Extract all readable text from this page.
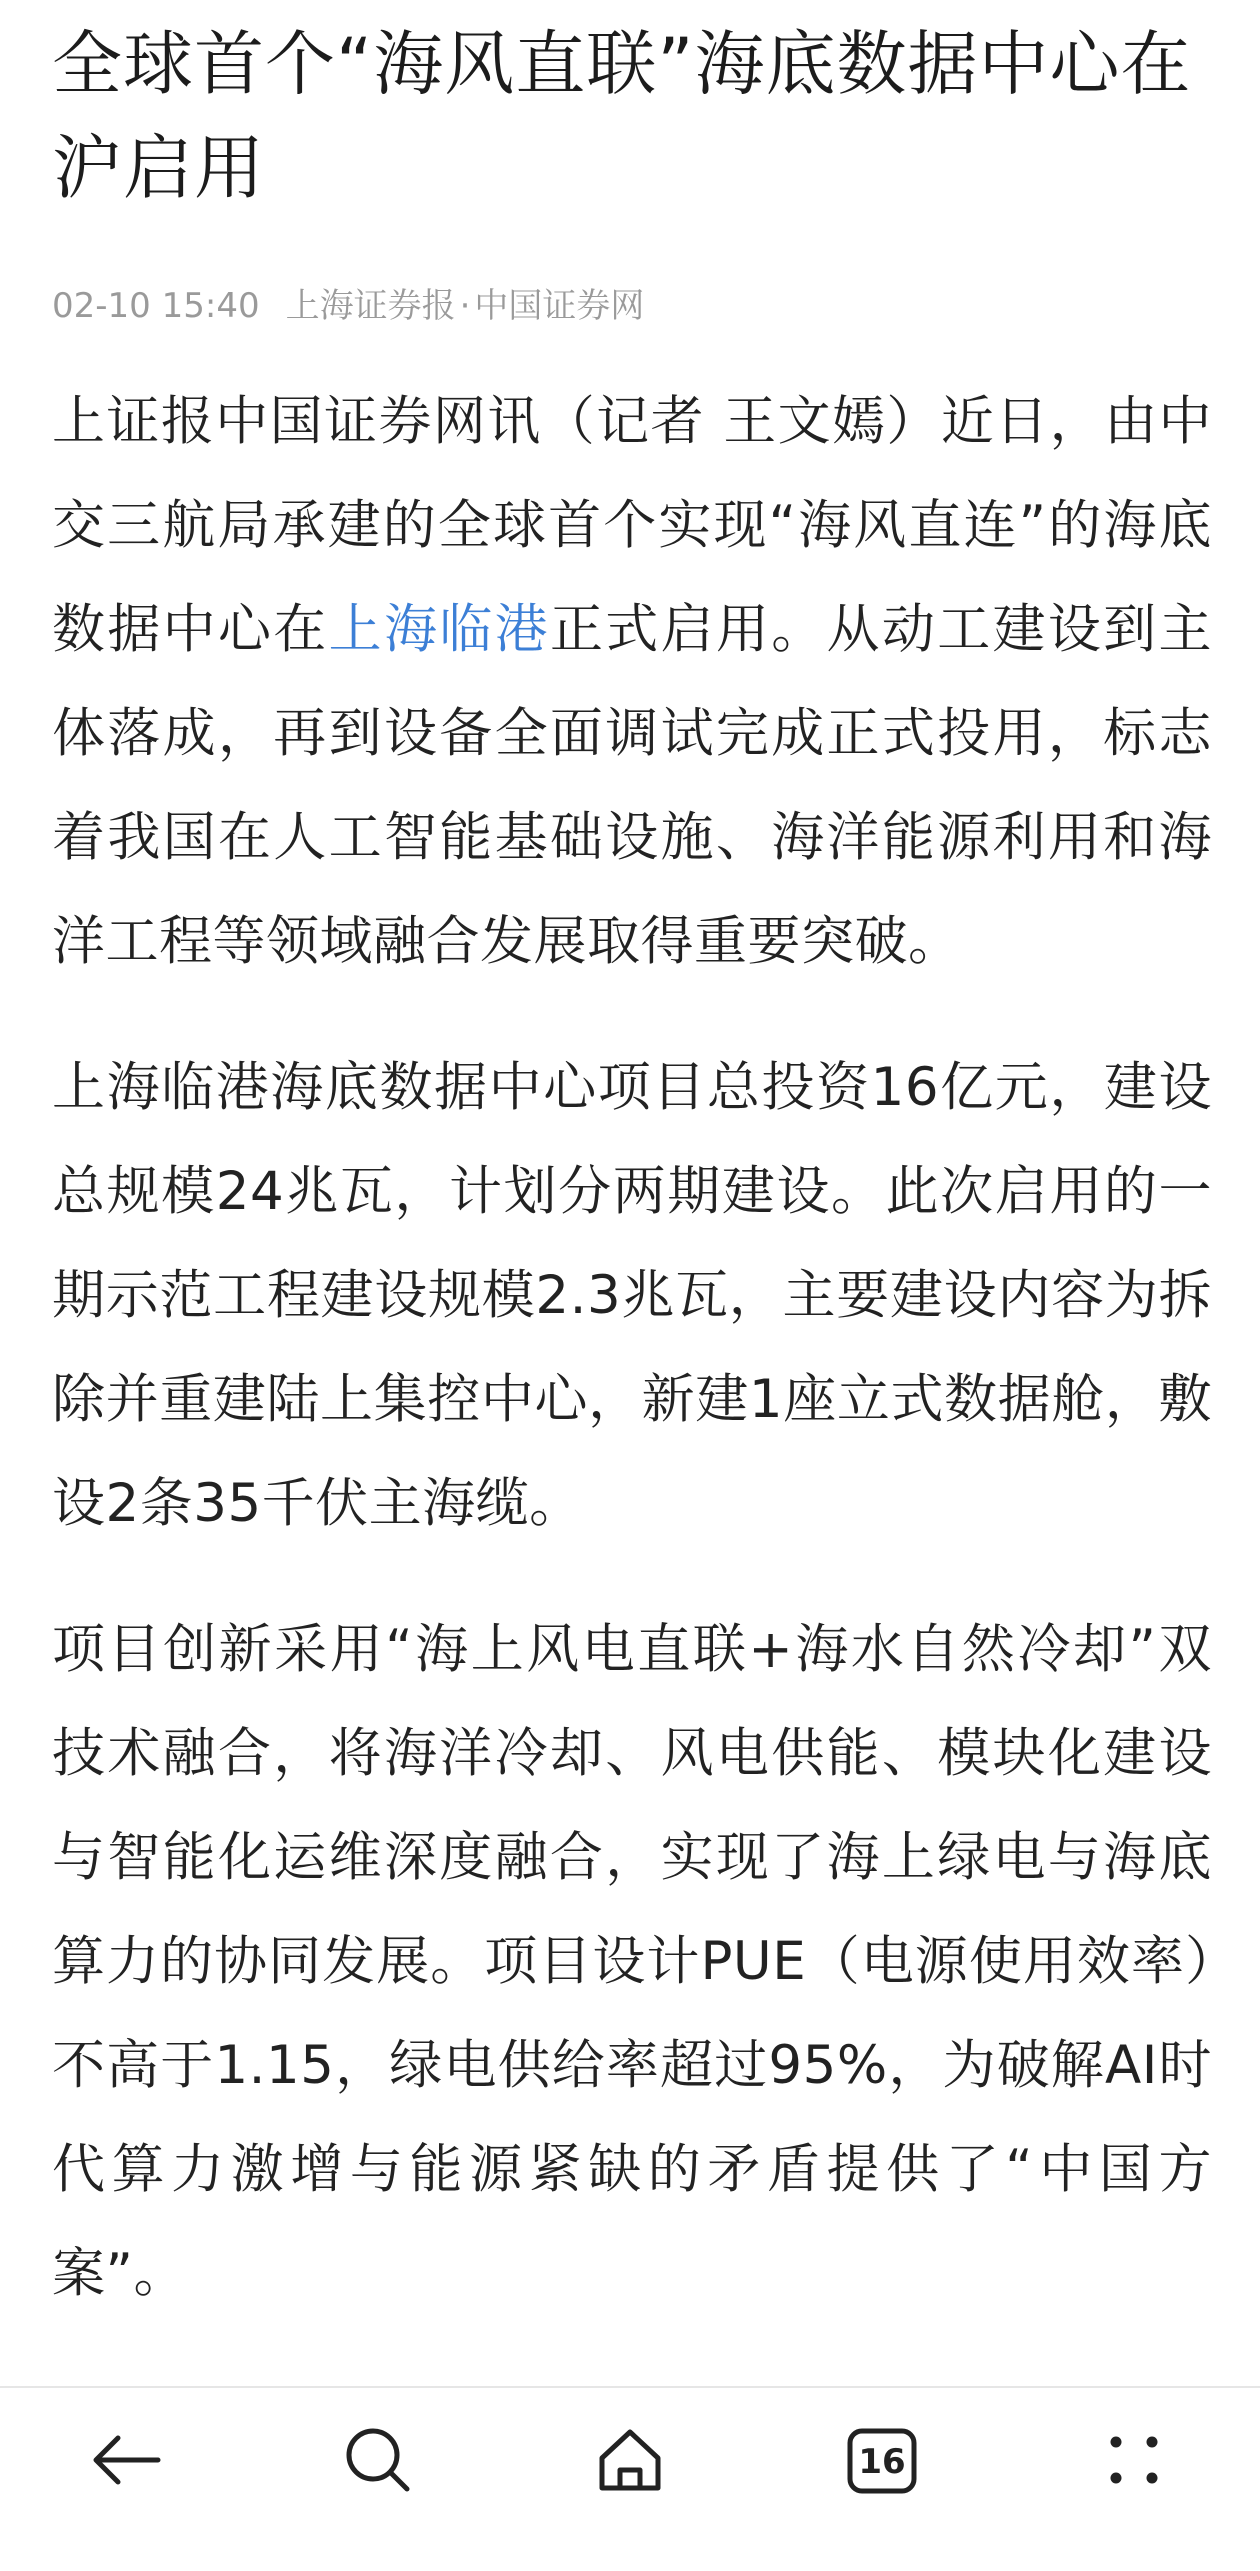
全球首个“海风直联”海底数据中心在沪启用
02-10 15:40 上海证券报 · 中国证券网

上证报中国证券网讯（记者 王文嫣）近日，由中交三航局承建的全球首个实现“海风直连”的海底数据中心在上海临港正式启用。从动工建设到主体落成，再到设备全面调试完成正式投用，标志着我国在人工智能基础设施、海洋能源利用和海洋工程等领域融合发展取得重要突破。

上海临港海底数据中心项目总投资16亿元，建设总规模24兆瓦，计划分两期建设。此次启用的一期示范工程建设规模2.3兆瓦，主要建设内容为拆除并重建陆上集控中心，新建1座立式数据舱，敷设2条35千伏主海缆。

项目创新采用“海上风电直联+海水自然冷却”双技术融合，将海洋冷却、风电供能、模块化建设与智能化运维深度融合，实现了海上绿电与海底算力的协同发展。项目设计PUE（电源使用效率）不高于1.15，绿电供给率超过95%，为破解AI时代算力激增与能源紧缺的矛盾提供了“中国方案”。

16
